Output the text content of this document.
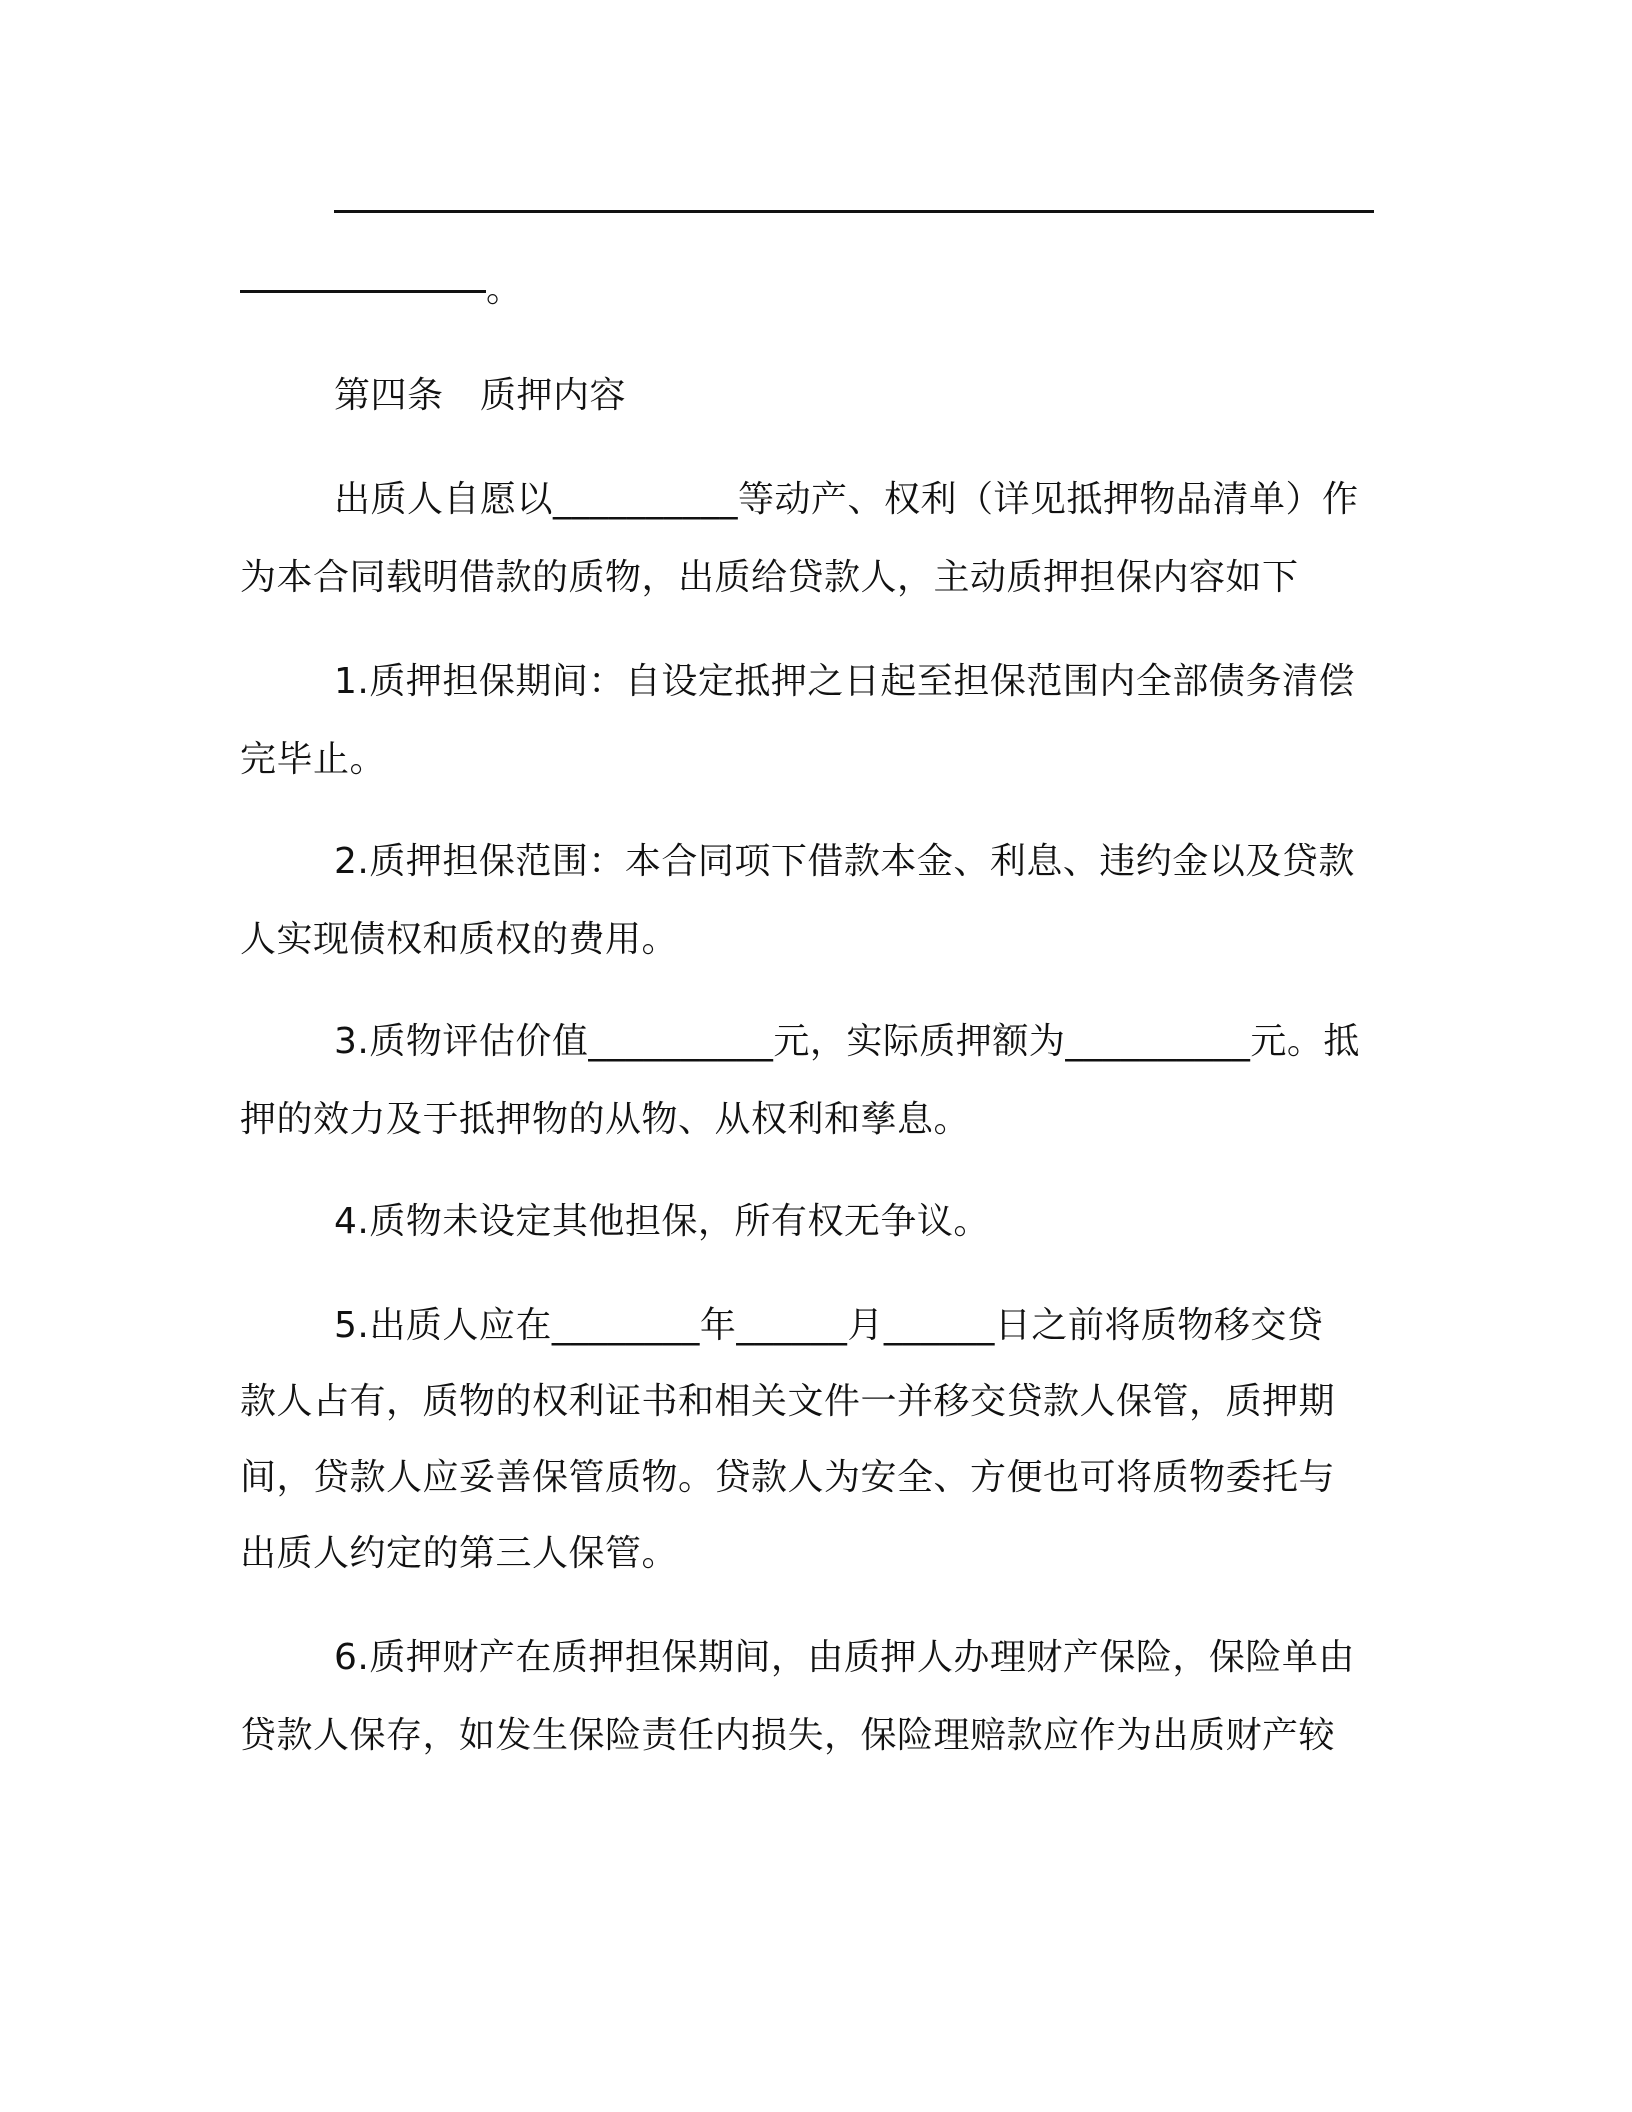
。
第四条　质押内容
出质人自愿以__________等动产、权利（详见抵押物品清单）作
为本合同载明借款的质物，出质给贷款人，主动质押担保内容如下
1.质押担保期间：自设定抵押之日起至担保范围内全部债务清偿
完毕止。
2.质押担保范围：本合同项下借款本金、利息、违约金以及贷款
人实现债权和质权的费用。
3.质物评估价值__________元，实际质押额为__________元。抵
押的效力及于抵押物的从物、从权利和孳息。
4.质物未设定其他担保，所有权无争议。
5.出质人应在________年______月______日之前将质物移交贷
款人占有，质物的权利证书和相关文件一并移交贷款人保管，质押期
间，贷款人应妥善保管质物。贷款人为安全、方便也可将质物委托与
出质人约定的第三人保管。
6.质押财产在质押担保期间，由质押人办理财产保险，保险单由
贷款人保存，如发生保险责任内损失，保险理赔款应作为出质财产较
